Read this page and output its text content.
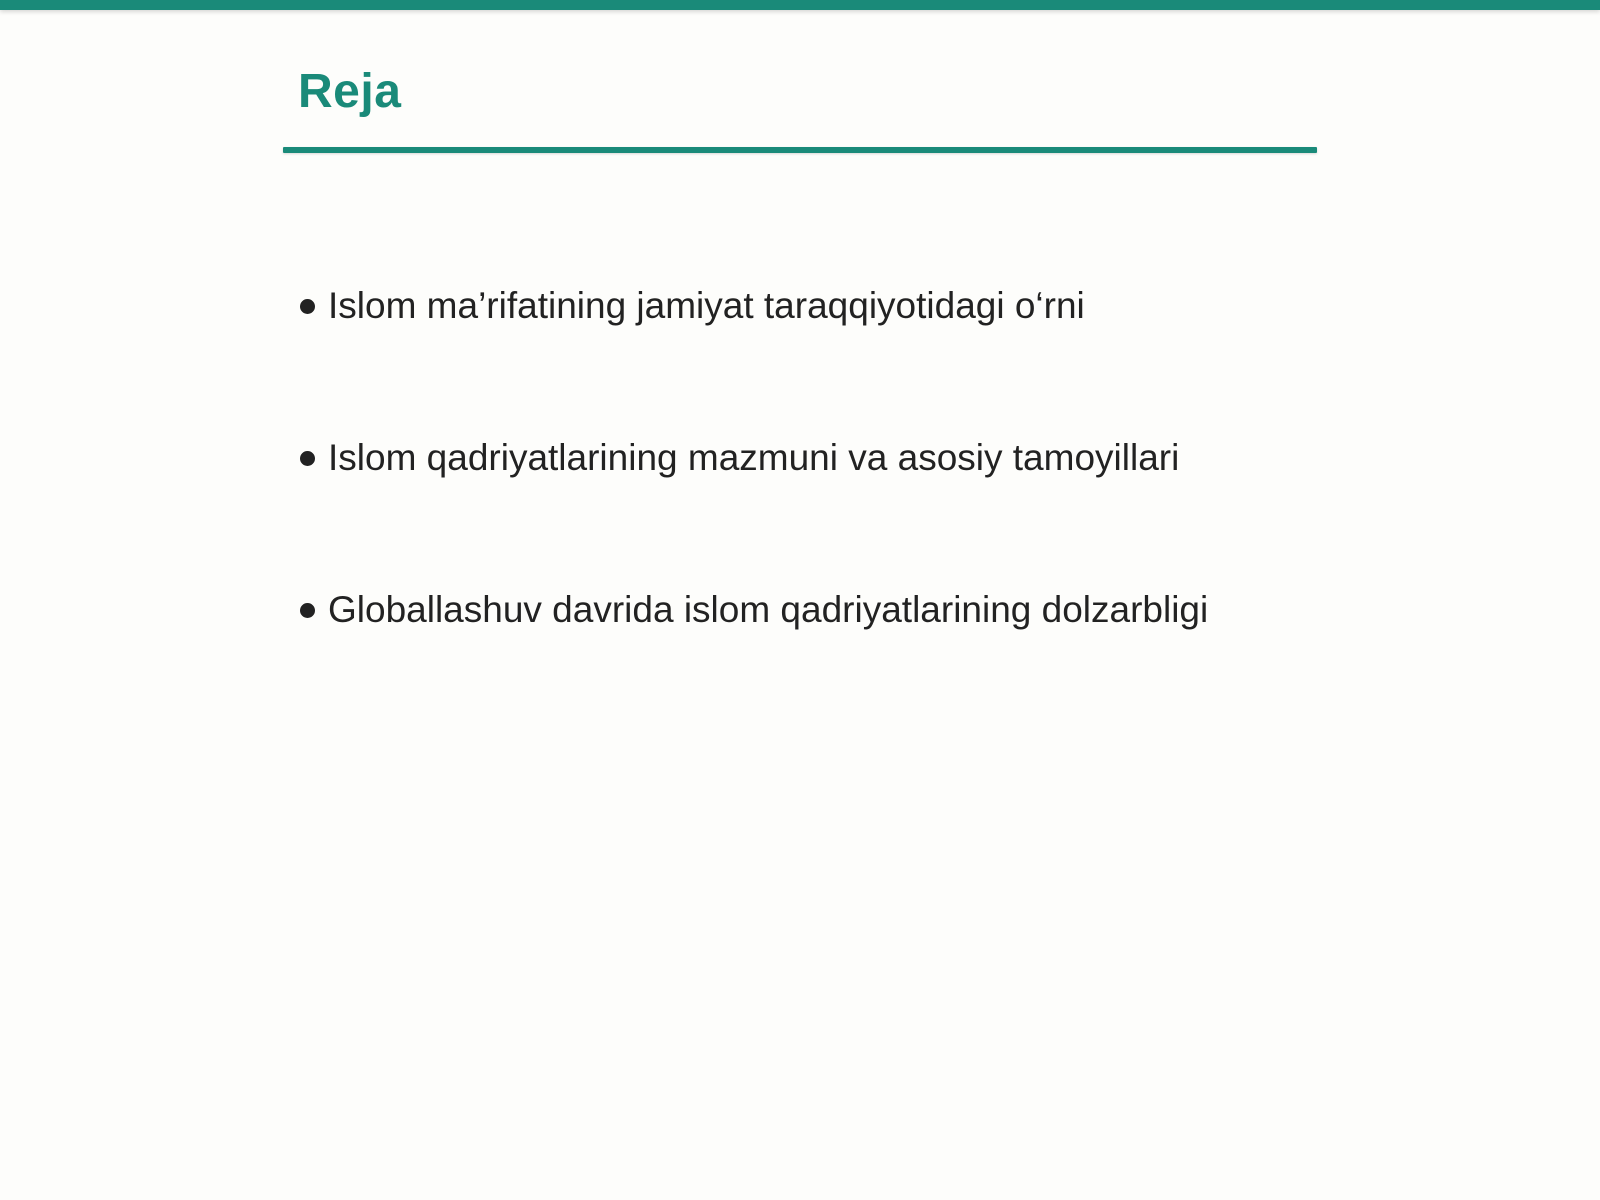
Reja
Islom ma’rifatining jamiyat taraqqiyotidagi o‘rni
Islom qadriyatlarining mazmuni va asosiy tamoyillari
Globallashuv davrida islom qadriyatlarining dolzarbligi
